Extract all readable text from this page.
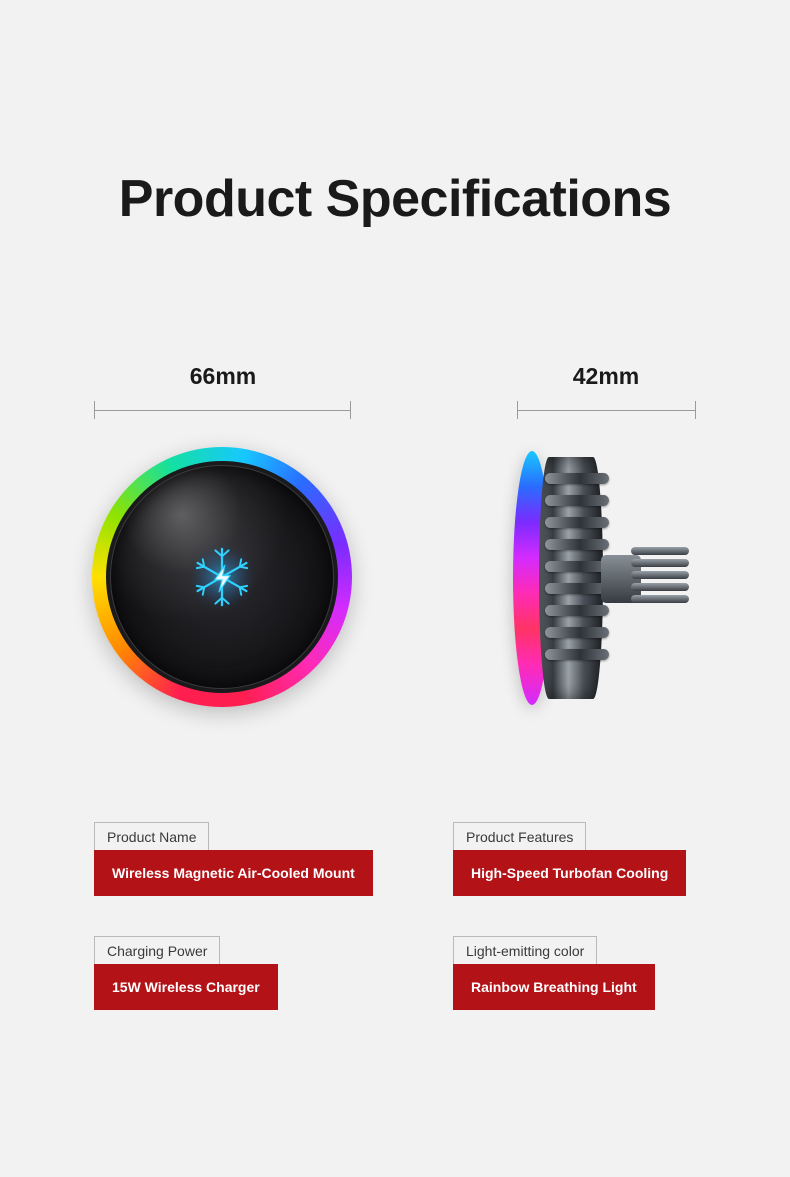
Product Specifications
66mm	42mm
Product Name
Wireless Magnetic Air-Cooled Mount
Product Features
High-Speed Turbofan Cooling
Charging Power
15W Wireless Charger
Light-emitting color
Rainbow Breathing Light
